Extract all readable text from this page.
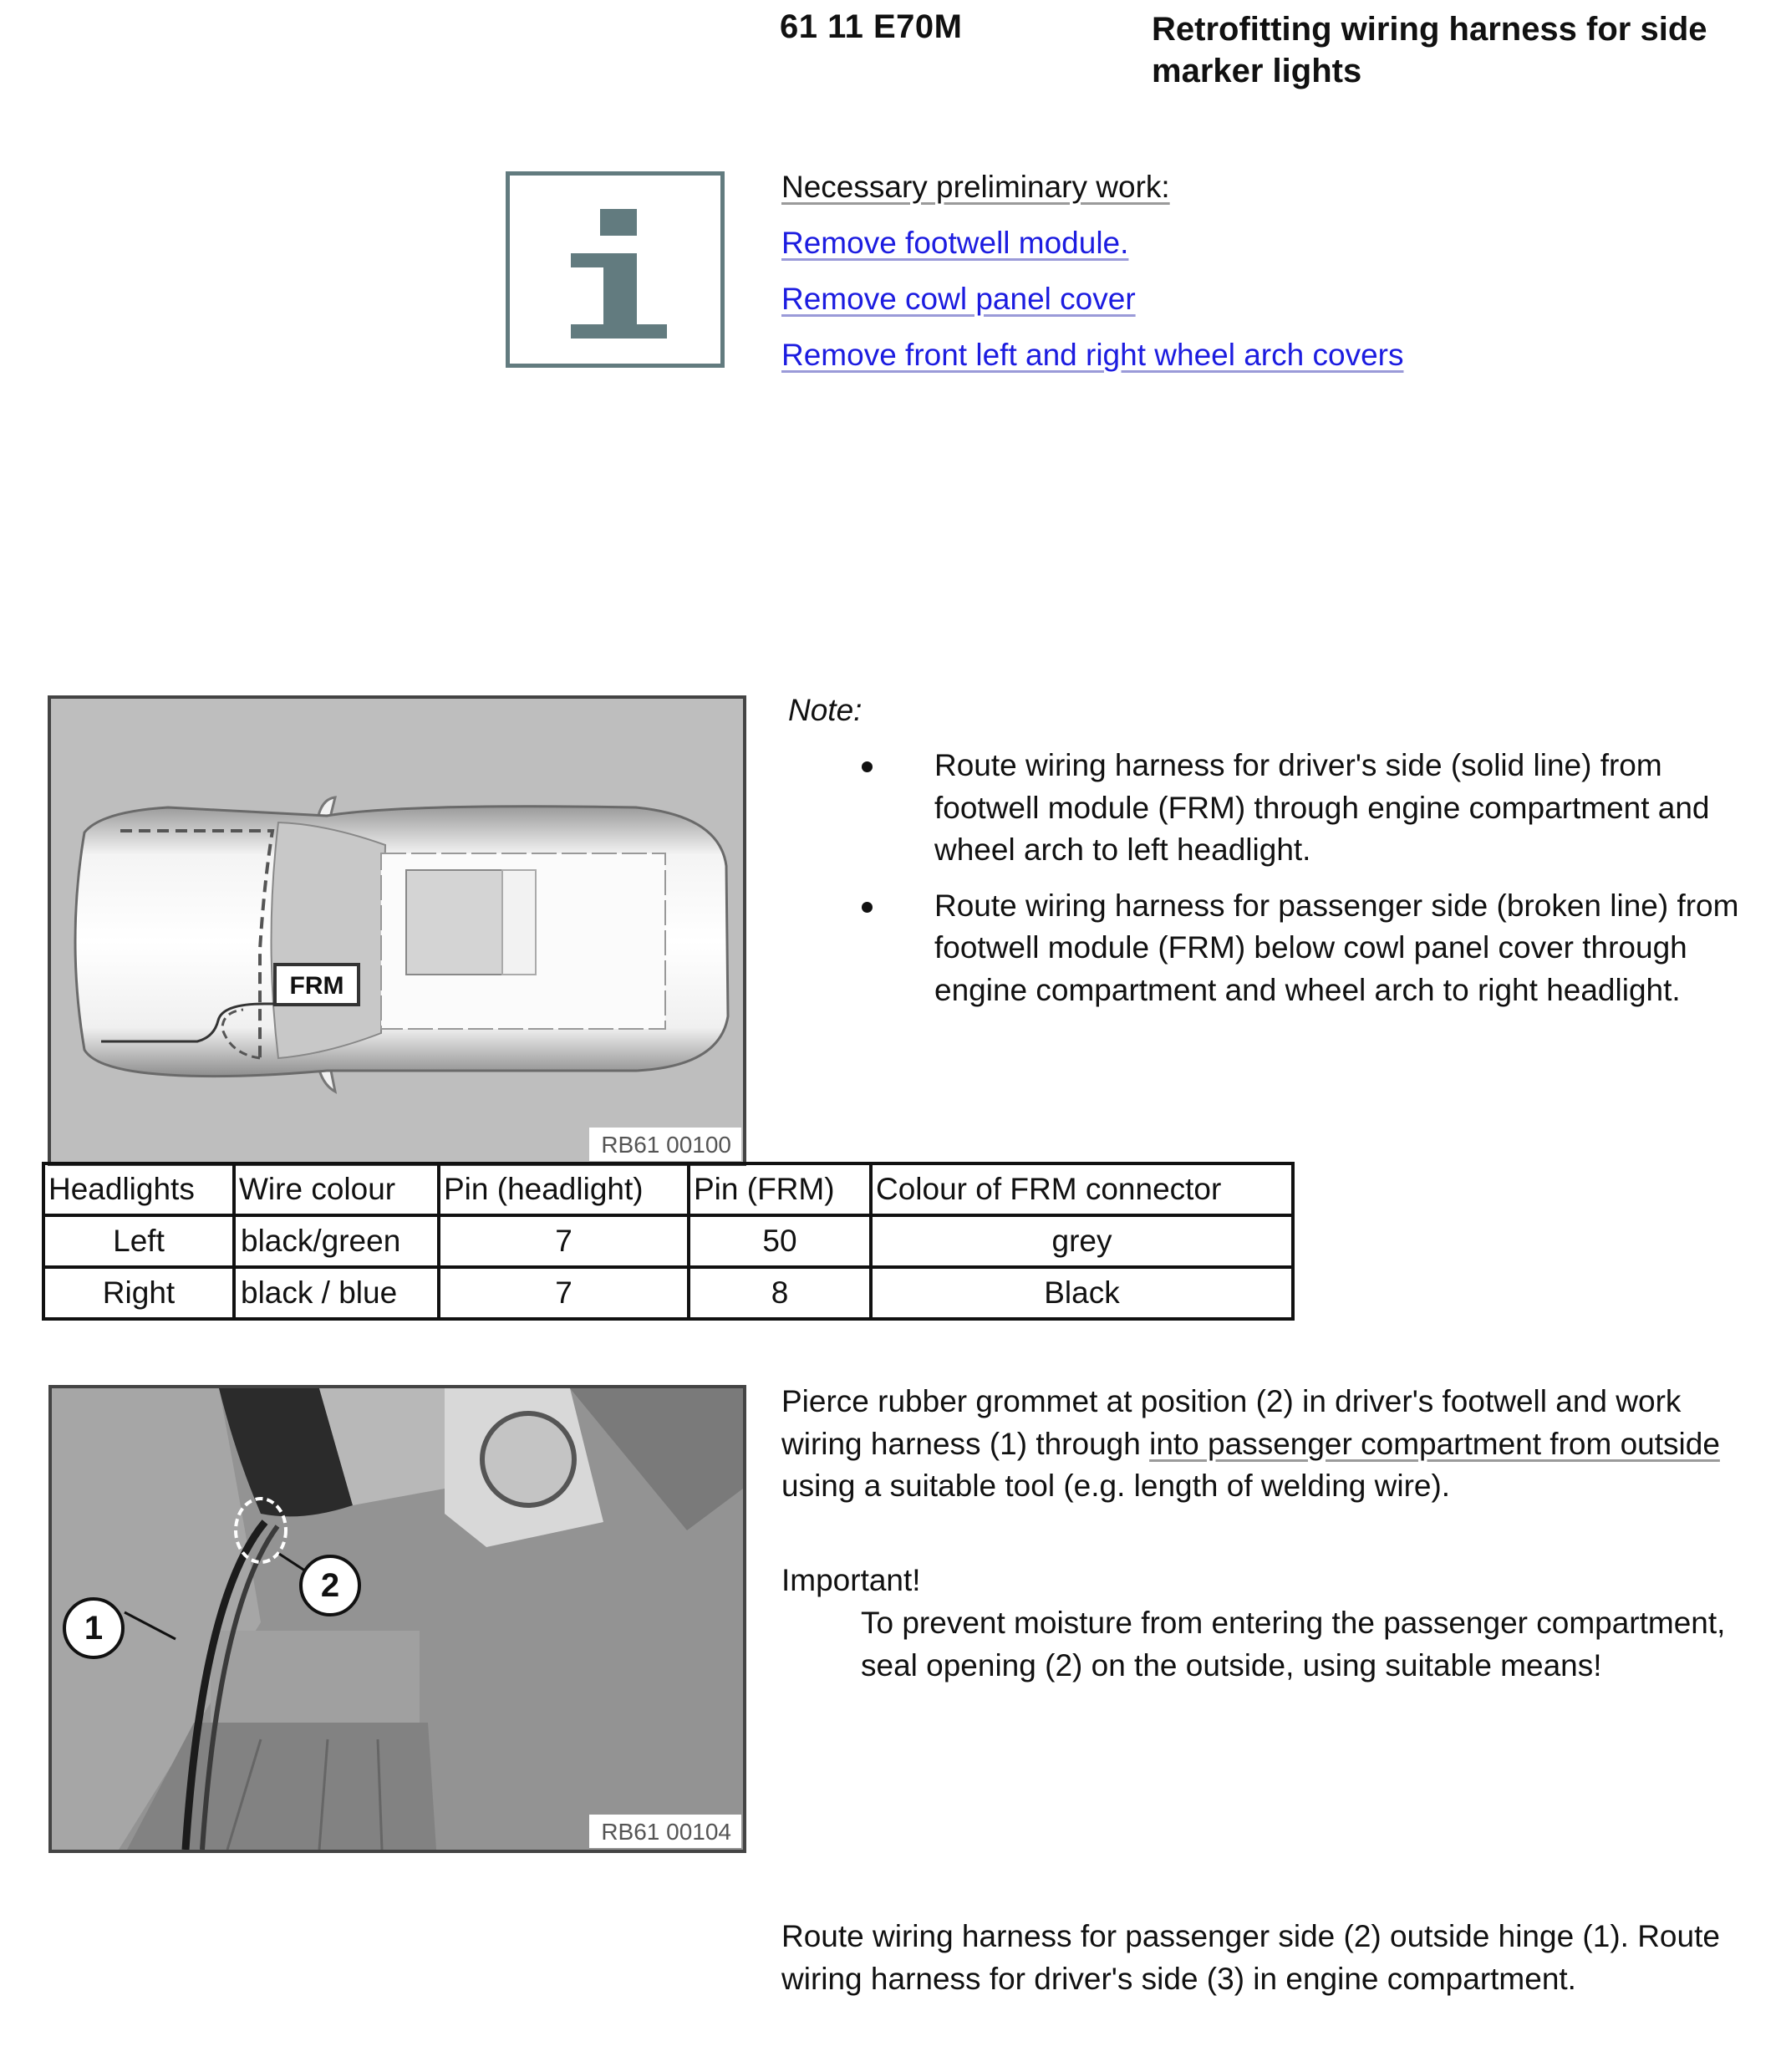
61 11 E70M	Retrofitting wiring harness for side marker lights
Necessary preliminary work:
Remove footwell module.
Remove cowl panel cover
Remove front left and right wheel arch covers
FRM
RB61 00100
Note:
Route wiring harness for driver's side (solid line) from footwell module (FRM) through engine compartment and wheel arch to left headlight.
Route wiring harness for passenger side (broken line) from footwell module (FRM) below cowl panel cover through engine compartment and wheel arch to right headlight.
Headlights	Wire colour	Pin (headlight)	Pin (FRM)	Colour of FRM connector
Left	black/green	7	50	grey
Right	black / blue	7	8	Black
2
1
RB61 00104
Pierce rubber grommet at position (2) in driver's footwell and work wiring harness (1) through into passenger compartment from outside using a suitable tool (e.g. length of welding wire).
Important!
To prevent moisture from entering the passenger compartment, seal opening (2) on the outside, using suitable means!
Route wiring harness for passenger side (2) outside hinge (1). Route wiring harness for driver's side (3) in engine compartment.
